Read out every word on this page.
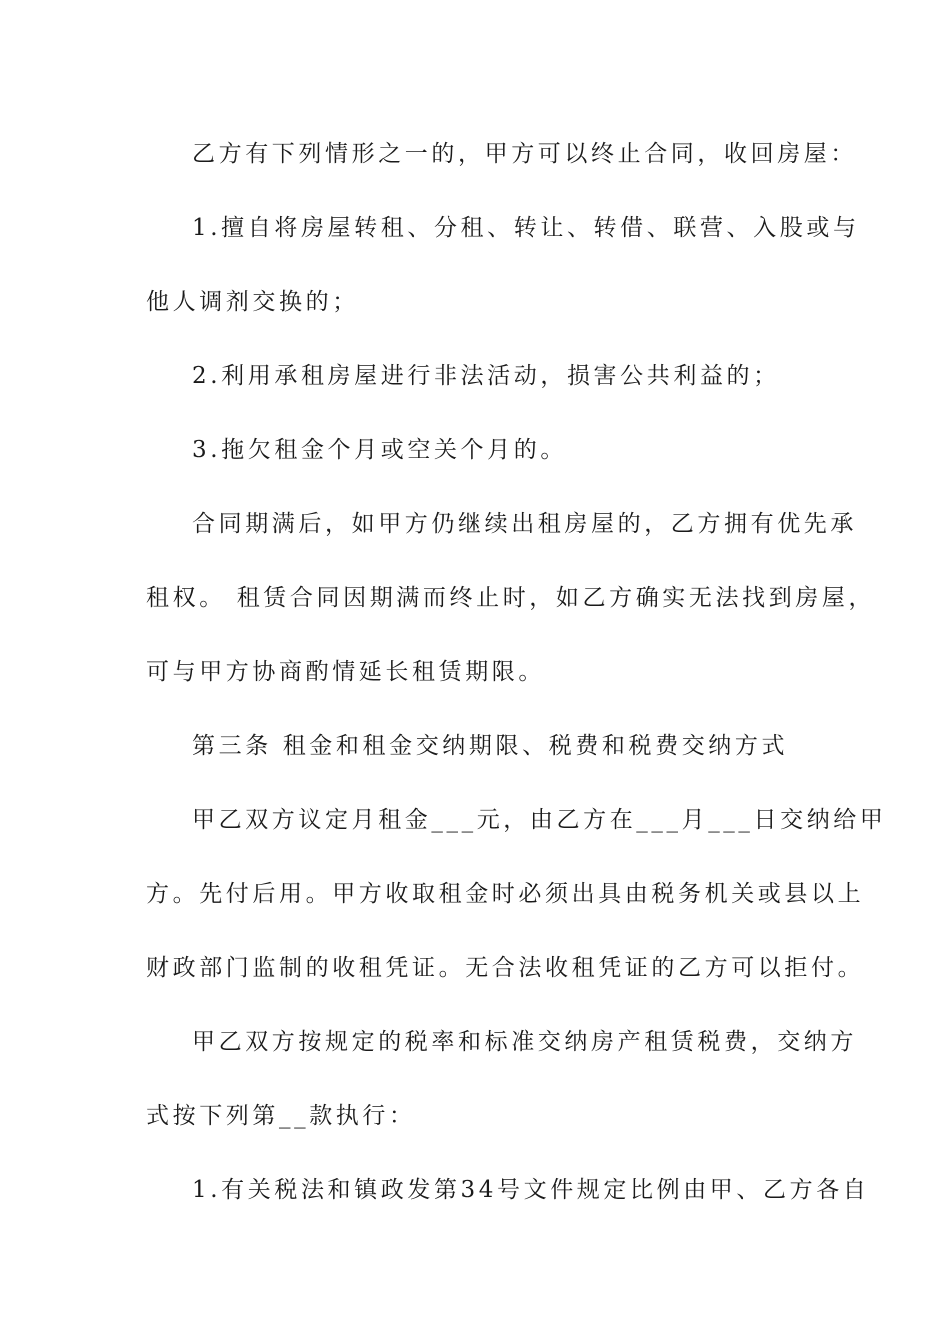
乙方有下列情形之一的，甲方可以终止合同，收回房屋：

1.擅自将房屋转租、分租、转让、转借、联营、入股或与

他人调剂交换的；

2.利用承租房屋进行非法活动，损害公共利益的；

3.拖欠租金个月或空关个月的。

合同期满后，如甲方仍继续出租房屋的，乙方拥有优先承

租权。 租赁合同因期满而终止时，如乙方确实无法找到房屋，

可与甲方协商酌情延长租赁期限。

第三条 租金和租金交纳期限、税费和税费交纳方式

甲乙双方议定月租金___元，由乙方在___月___日交纳给甲

方。先付后用。甲方收取租金时必须出具由税务机关或县以上

财政部门监制的收租凭证。无合法收租凭证的乙方可以拒付。

甲乙双方按规定的税率和标准交纳房产租赁税费，交纳方

式按下列第__款执行：

1.有关税法和镇政发第34号文件规定比例由甲、乙方各自
